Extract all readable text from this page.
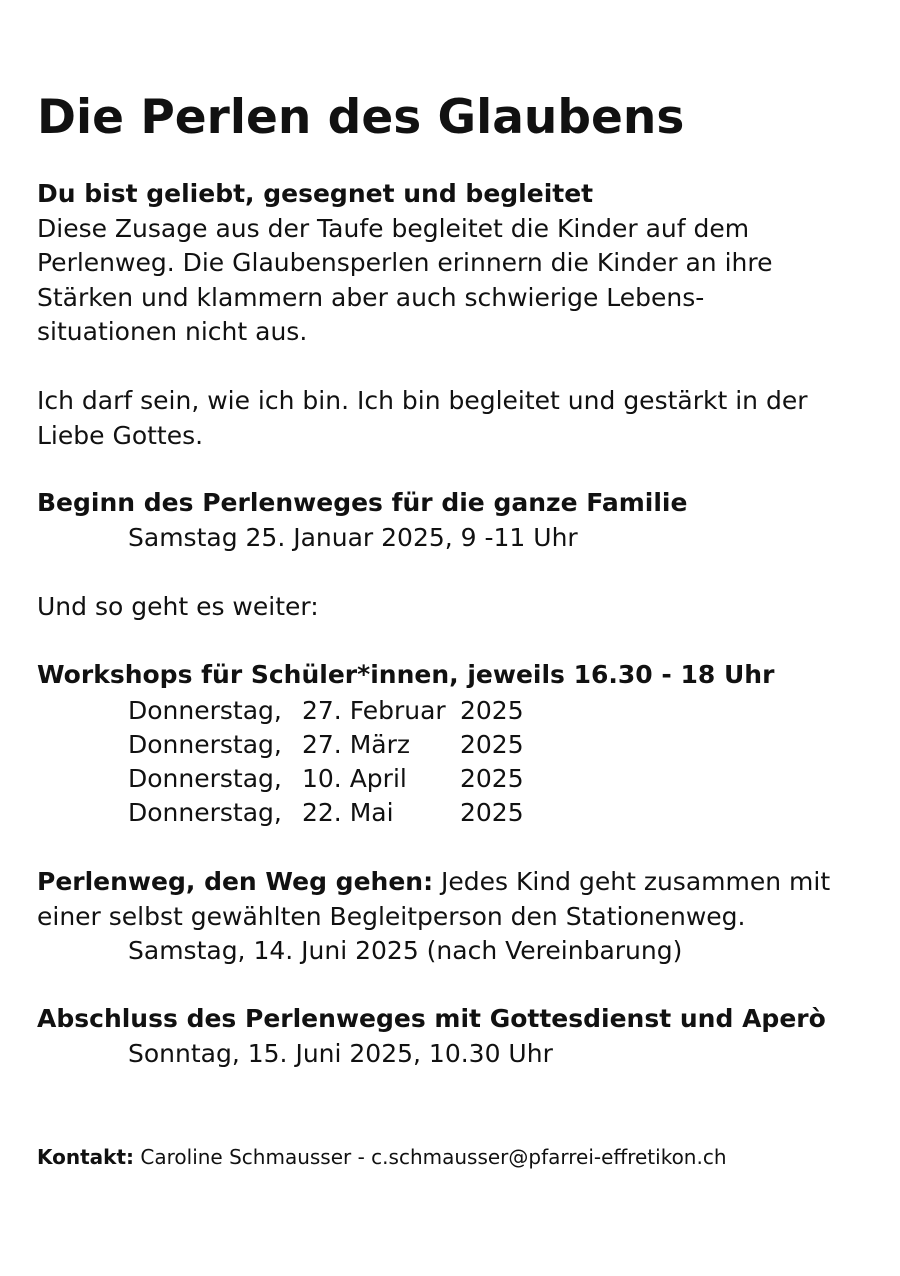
Die Perlen des Glaubens
Du bist geliebt, gesegnet und begleitet
Diese Zusage aus der Taufe begleitet die Kinder auf dem
Perlenweg. Die Glaubensperlen erinnern die Kinder an ihre
Stärken und klammern aber auch schwierige Lebens-
situationen nicht aus.
Ich darf sein, wie ich bin. Ich bin begleitet und gestärkt in der
Liebe Gottes.
Beginn des Perlenweges für die ganze Familie
Samstag 25. Januar 2025, 9 -11 Uhr
Und so geht es weiter:
Workshops für Schüler*innen, jeweils 16.30 - 18 Uhr
Donnerstag,	27. Februar	2025
Donnerstag,	27. März	2025
Donnerstag,	10. April	2025
Donnerstag,	22. Mai	2025
Perlenweg, den Weg gehen: Jedes Kind geht zusammen mit
einer selbst gewählten Begleitperson den Stationenweg.
Samstag, 14. Juni 2025 (nach Vereinbarung)
Abschluss des Perlenweges mit Gottesdienst und Aperò
Sonntag, 15. Juni 2025, 10.30 Uhr
Kontakt: Caroline Schmausser - c.schmausser@pfarrei-effretikon.ch
